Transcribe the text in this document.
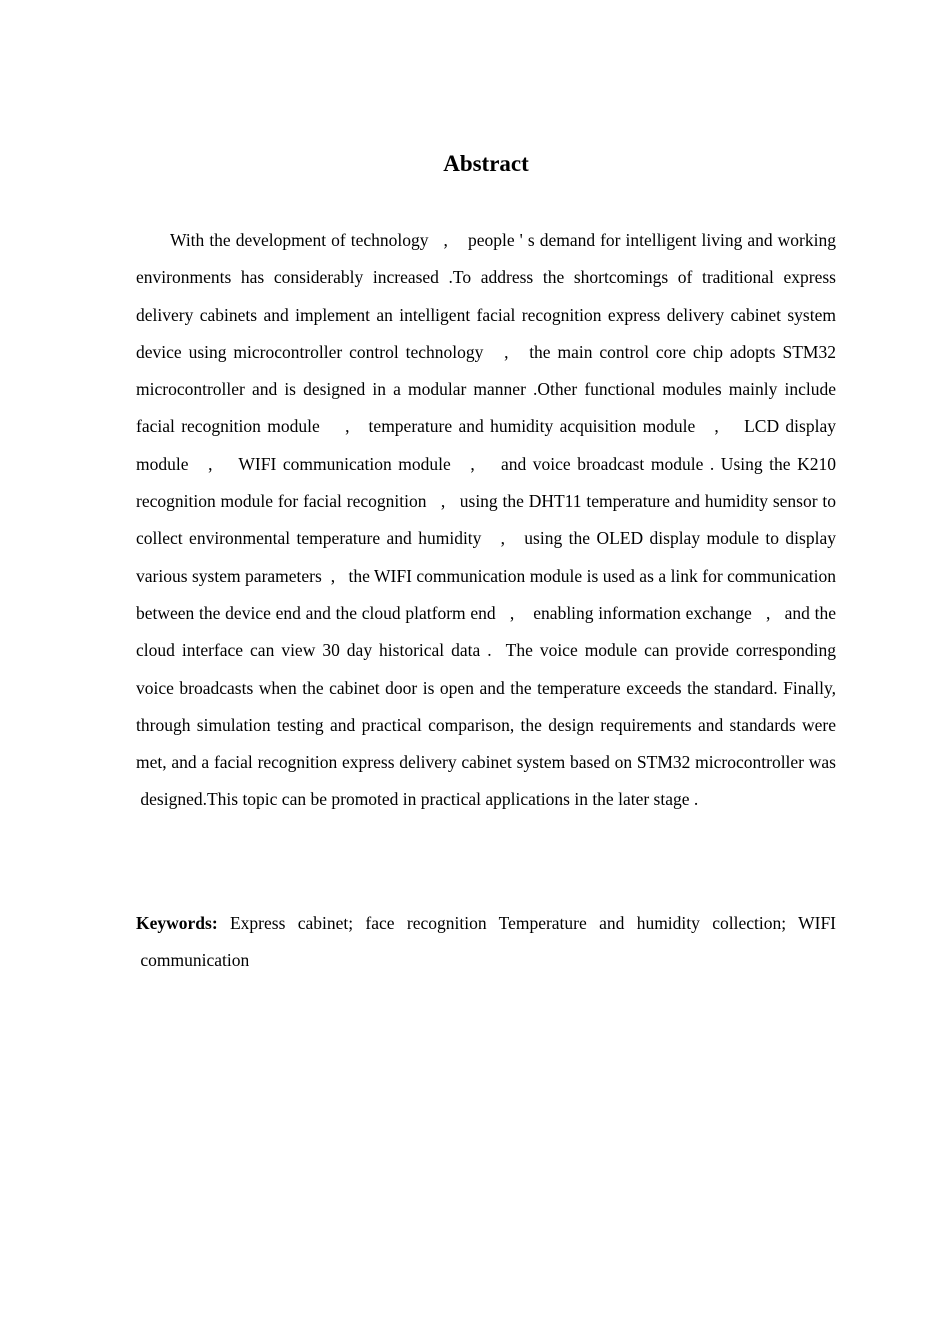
Abstract

With the development of technology   ,    people ' s demand for intelligent living and working environments has considerably increased .To address the shortcomings of traditional express delivery cabinets and implement an intelligent facial recognition express delivery cabinet system device using microcontroller control technology   ,   the main control core chip adopts STM32 microcontroller and is designed in a modular manner .Other functional modules mainly include facial recognition module    ,   temperature and humidity acquisition module   ,    LCD display module   ,    WIFI communication module   ,    and voice broadcast module . Using the K210 recognition module for facial recognition   ,   using the DHT11 temperature and humidity sensor to collect environmental temperature and humidity   ,   using the OLED display module to display various system parameters  ,   the WIFI communication module is used as a link for communication between the device end and the cloud platform end   ,    enabling information exchange   ,   and the cloud interface can view 30 day historical data .  The voice module can provide corresponding voice broadcasts when the cabinet door is open and the temperature exceeds the standard. Finally, through simulation testing and practical comparison, the design requirements and standards were met, and a facial recognition express delivery cabinet system based on STM32 microcontroller was  designed.This topic can be promoted in practical applications in the later stage .

Keywords: Express cabinet; face recognition Temperature and humidity collection; WIFI  communication
